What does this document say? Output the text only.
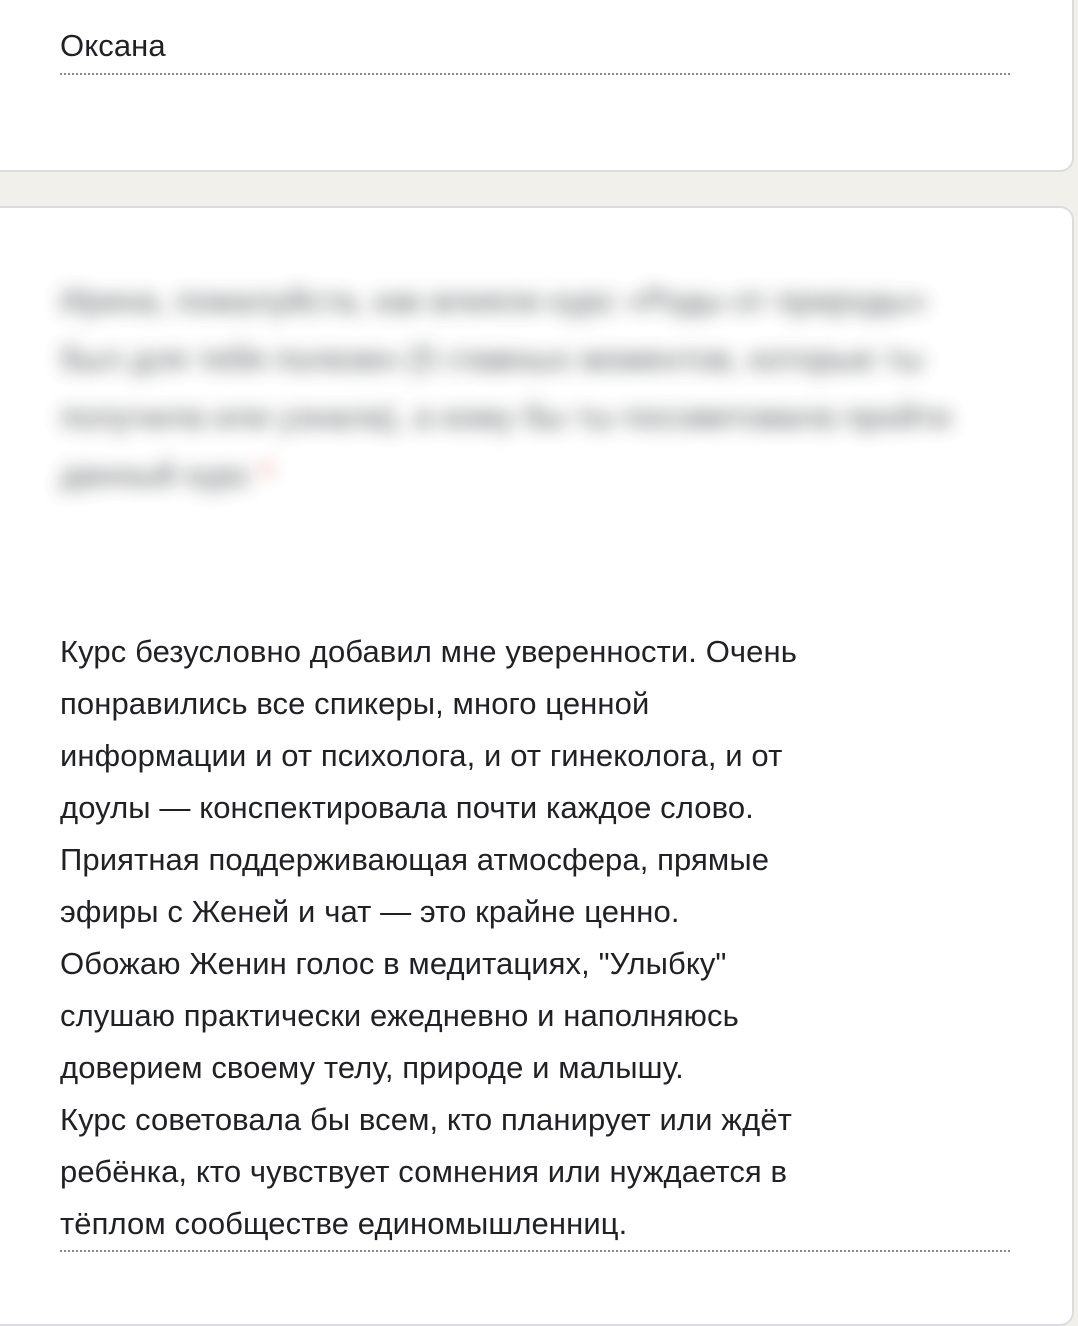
Оксана
Ирина, пожалуйста, как влияли курс «Роды от природы» был для тебя полезен (5 главных моментов, которые ты получила или узнала), а кому бы ты посоветовала пройти данный курс *
Курс безусловно добавил мне уверенности. Очень
понравились все спикеры, много ценной
информации и от психолога, и от гинеколога, и от
доулы — конспектировала почти каждое слово.
Приятная поддерживающая атмосфера, прямые
эфиры с Женей и чат — это крайне ценно.
Обожаю Женин голос в медитациях, "Улыбку"
слушаю практически ежедневно и наполняюсь
доверием своему телу, природе и малышу.
Курс советовала бы всем, кто планирует или ждёт
ребёнка, кто чувствует сомнения или нуждается в
тёплом сообществе единомышленниц.
